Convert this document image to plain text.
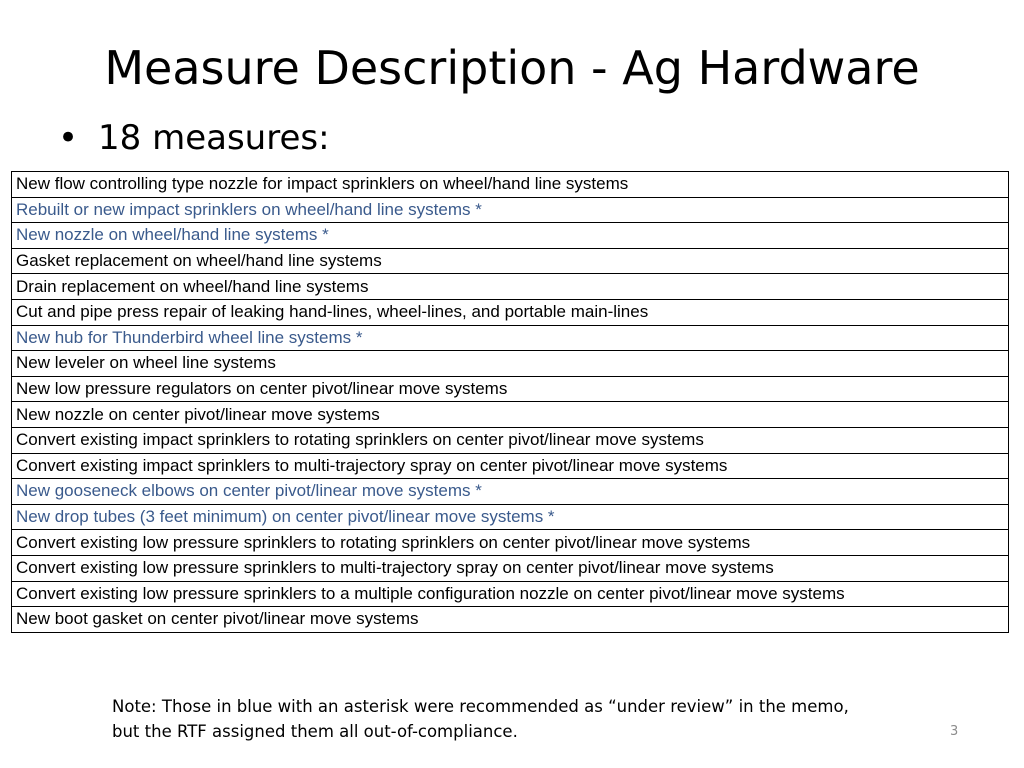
Measure Description - Ag Hardware
• 18 measures:
New flow controlling type nozzle for impact sprinklers on wheel/hand line systems
Rebuilt or new impact sprinklers on wheel/hand line systems *
New nozzle on wheel/hand line systems *
Gasket replacement on wheel/hand line systems
Drain replacement on wheel/hand line systems
Cut and pipe press repair of leaking hand-lines, wheel-lines, and portable main-lines
New hub for Thunderbird wheel line systems *
New leveler on wheel line systems
New low pressure regulators on center pivot/linear move systems
New nozzle on center pivot/linear move systems
Convert existing impact sprinklers to rotating sprinklers on center pivot/linear move systems
Convert existing impact sprinklers to multi-trajectory spray on center pivot/linear move systems
New gooseneck elbows on center pivot/linear move systems *
New drop tubes (3 feet minimum) on center pivot/linear move systems *
Convert existing low pressure sprinklers to rotating sprinklers on center pivot/linear move systems
Convert existing low pressure sprinklers to multi-trajectory spray on center pivot/linear move systems
Convert existing low pressure sprinklers to a multiple configuration nozzle on center pivot/linear move systems
New boot gasket on center pivot/linear move systems
Note: Those in blue with an asterisk were recommended as “under review” in the memo,
but the RTF assigned them all out-of-compliance.	3
